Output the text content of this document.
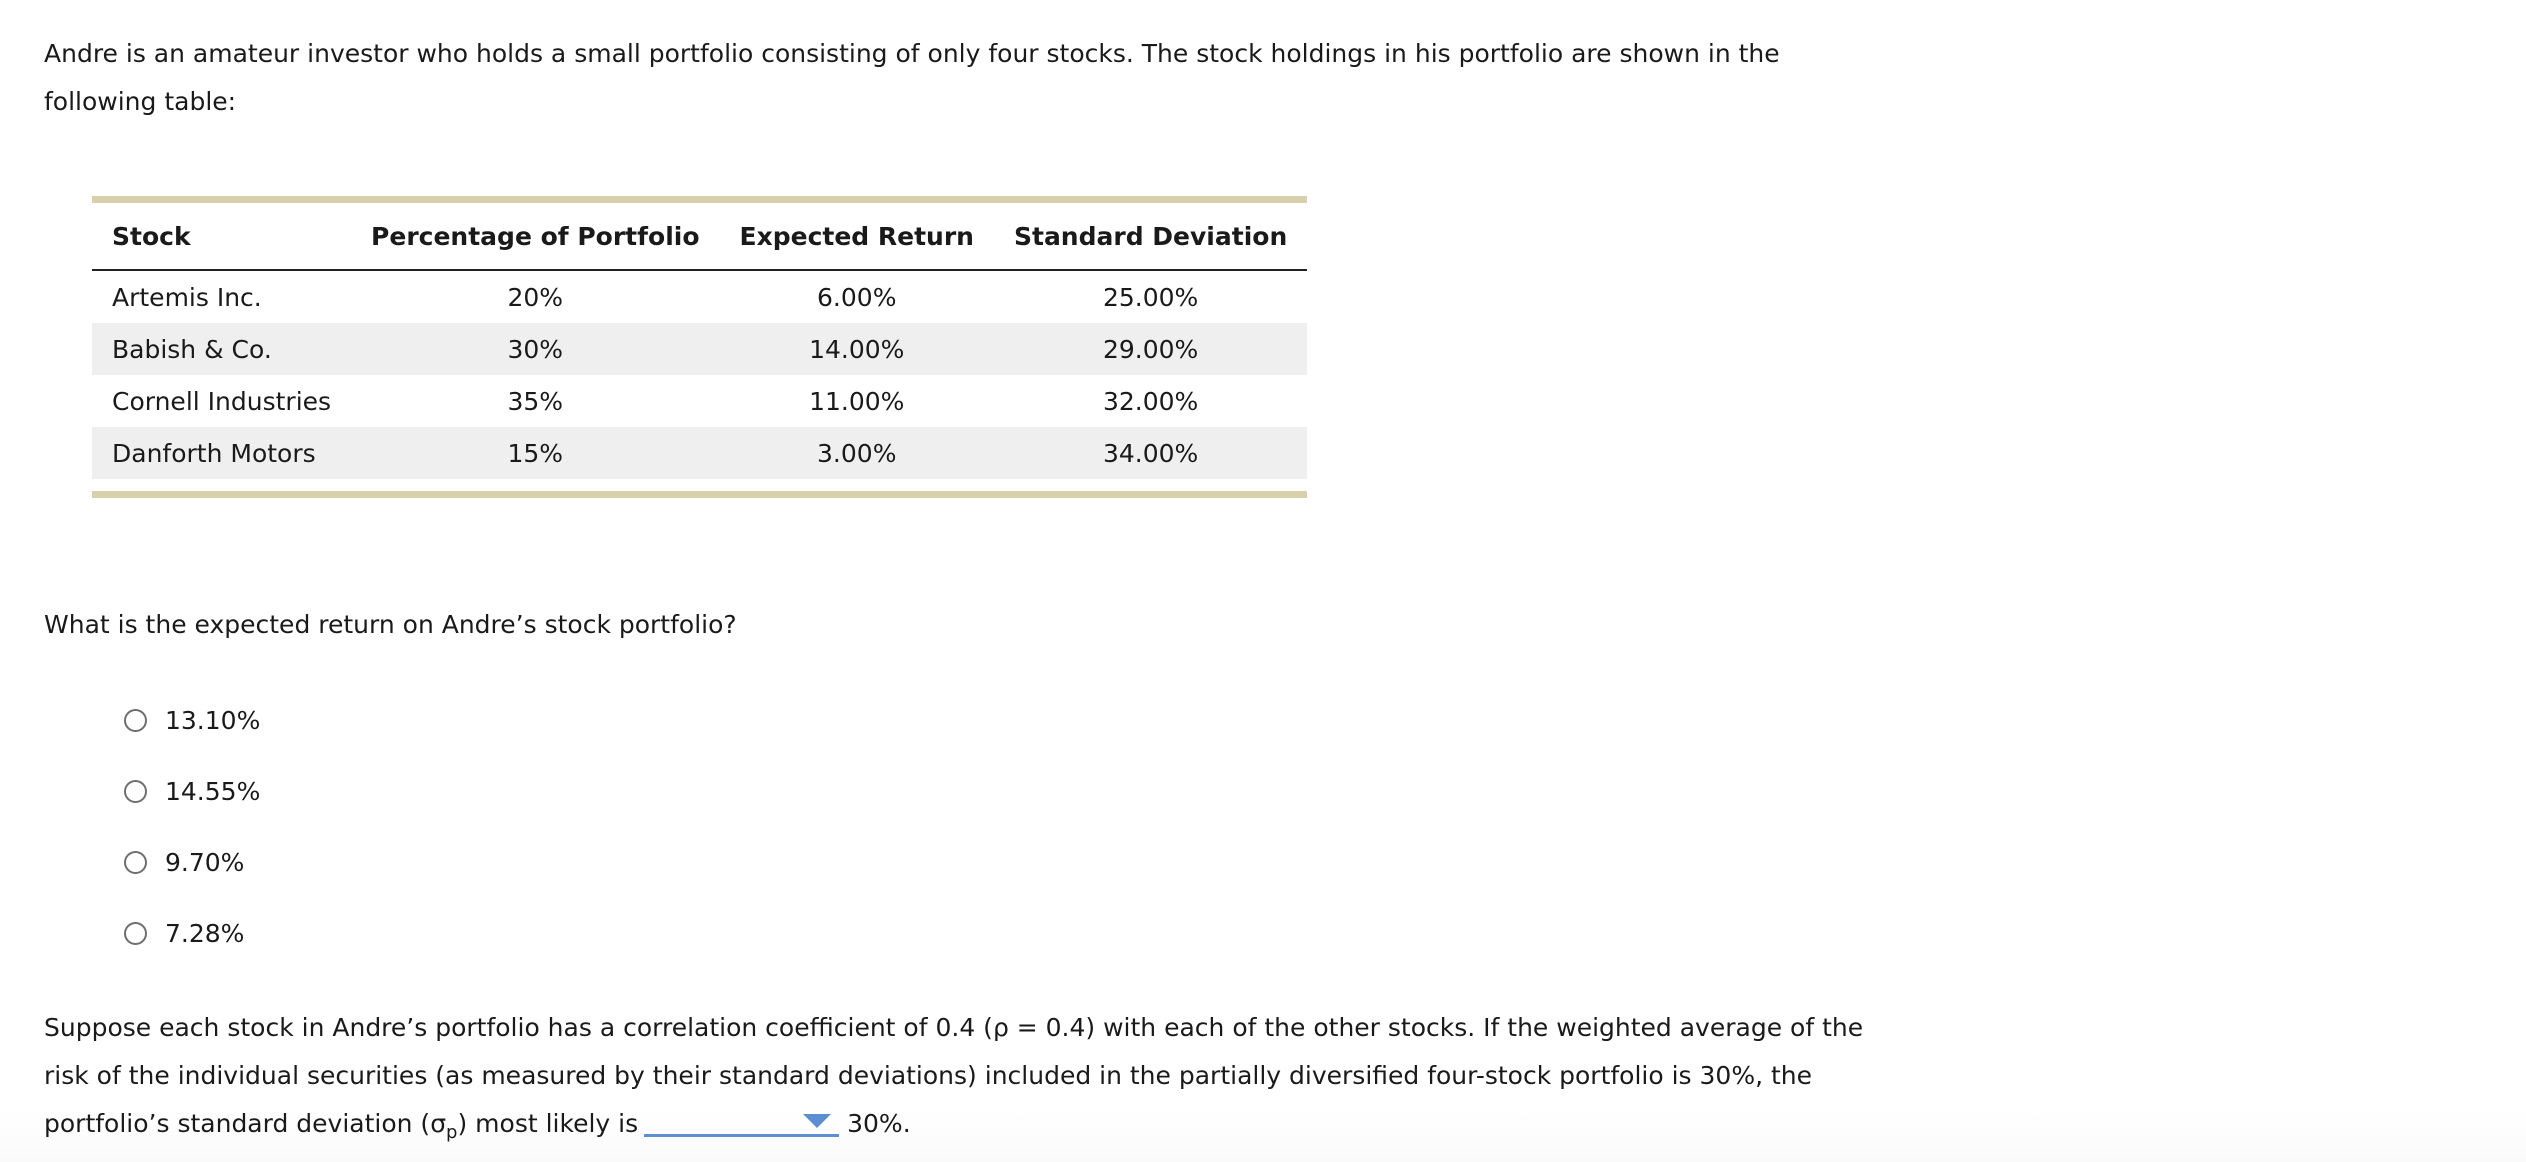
Andre is an amateur investor who holds a small portfolio consisting of only four stocks. The stock holdings in his portfolio are shown in the following table:

Stock	Percentage of Portfolio	Expected Return	Standard Deviation
Artemis Inc.	20%	6.00%	25.00%
Babish & Co.	30%	14.00%	29.00%
Cornell Industries	35%	11.00%	32.00%
Danforth Motors	15%	3.00%	34.00%

What is the expected return on Andre’s stock portfolio?

13.10%
14.55%
9.70%
7.28%

Suppose each stock in Andre’s portfolio has a correlation coefficient of 0.4 (ρ = 0.4) with each of the other stocks. If the weighted average of the risk of the individual securities (as measured by their standard deviations) included in the partially diversified four-stock portfolio is 30%, the portfolio’s standard deviation $(\sigma_p)$ most likely is	30%.
